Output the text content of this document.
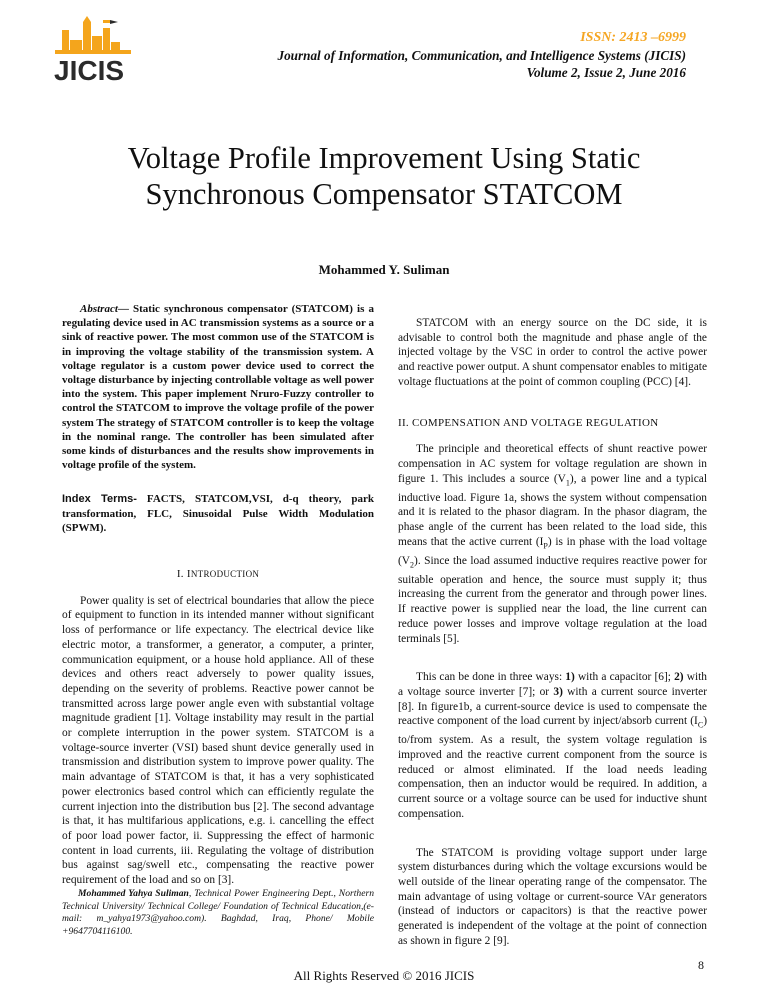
JICIS
ISSN: 2413 –6999
Journal of Information, Communication, and Intelligence Systems (JICIS)
Volume 2, Issue 2, June 2016
Voltage Profile Improvement Using Static
Synchronous Compensator STATCOM
Mohammed Y. Suliman

Abstract— Static synchronous compensator (STATCOM) is a regulating device used in AC transmission systems as a source or a sink of reactive power. The most common use of the STATCOM is in improving the voltage stability of the transmission system. A voltage regulator is a custom power device used to correct the voltage disturbance by injecting controllable voltage as well power into the system. This paper implement Nruro-Fuzzy controller to control the STATCOM to improve the voltage profile of the power system The strategy of STATCOM controller is to keep the voltage in the nominal range. The controller has been simulated after some kinds of disturbances and the results show improvements in voltage profile of the system.

Index Terms- FACTS, STATCOM,VSI, d-q theory, park transformation, FLC, Sinusoidal Pulse Width Modulation (SPWM).

I. INTRODUCTION

Power quality is set of electrical boundaries that allow the piece of equipment to function in its intended manner without significant loss of performance or life expectancy. The electrical device like electric motor, a transformer, a generator, a computer, a printer, communication equipment, or a house hold appliance. All of these devices and others react adversely to power quality issues, depending on the severity of problems. Reactive power cannot be transmitted across large power angle even with substantial voltage magnitude gradient [1]. Voltage instability may result in the partial or complete interruption in the power system. STATCOM is a voltage-source inverter (VSI) based shunt device generally used in transmission and distribution system to improve power quality. The main advantage of STATCOM is that, it has a very sophisticated power electronics based control which can efficiently regulate the current injection into the distribution bus [2]. The second advantage is that, it has multifarious applications, e.g. i. cancelling the effect of poor load power factor, ii. Suppressing the effect of harmonic content in load currents, iii. Regulating the voltage of distribution bus against sag/swell etc., compensating the reactive power requirement of the load and so on [3].

Mohammed Yahya Suliman, Technical Power Engineering Dept., Northern Technical University/ Technical College/ Foundation of Technical Education,(e-mail: m_yahya1973@yahoo.com). Baghdad, Iraq, Phone/ Mobile +9647704116100.

STATCOM with an energy source on the DC side, it is advisable to control both the magnitude and phase angle of the injected voltage by the VSC in order to control the active power and reactive power output. A shunt compensator enables to mitigate voltage fluctuations at the point of common coupling (PCC) [4].

II. COMPENSATION AND VOLTAGE REGULATION

The principle and theoretical effects of shunt reactive power compensation in AC system for voltage regulation are shown in figure 1. This includes a source $(V_1)$, a power line and a typical inductive load. Figure 1a, shows the system without compensation and it is related to the phasor diagram. In the phasor diagram, the phase angle of the current has been related to the load side, this means that the active current $(I_P)$ is in phase with the load voltage $(V_2)$. Since the load assumed inductive requires reactive power for suitable operation and hence, the source must supply it; thus increasing the current from the generator and through power lines. If reactive power is supplied near the load, the line current can reduce power losses and improve voltage regulation at the load terminals [5].

This can be done in three ways: 1) with a capacitor [6]; 2) with a voltage source inverter [7]; or 3) with a current source inverter [8]. In figure1b, a current-source device is used to compensate the reactive component of the load current by inject/absorb current $(I_C)$ to/from system. As a result, the system voltage regulation is improved and the reactive current component from the source is reduced or almost eliminated. If the load needs leading compensation, then an inductor would be required. In addition, a current source or a voltage source can be used for inductive shunt compensation.

The STATCOM is providing voltage support under large system disturbances during which the voltage excursions would be well outside of the linear operating range of the compensator. The main advantage of using voltage or current-source VAr generators (instead of inductors or capacitors) is that the reactive power generated is independent of the voltage at the point of connection as shown in figure 2 [9].

8
All Rights Reserved © 2016 JICIS
